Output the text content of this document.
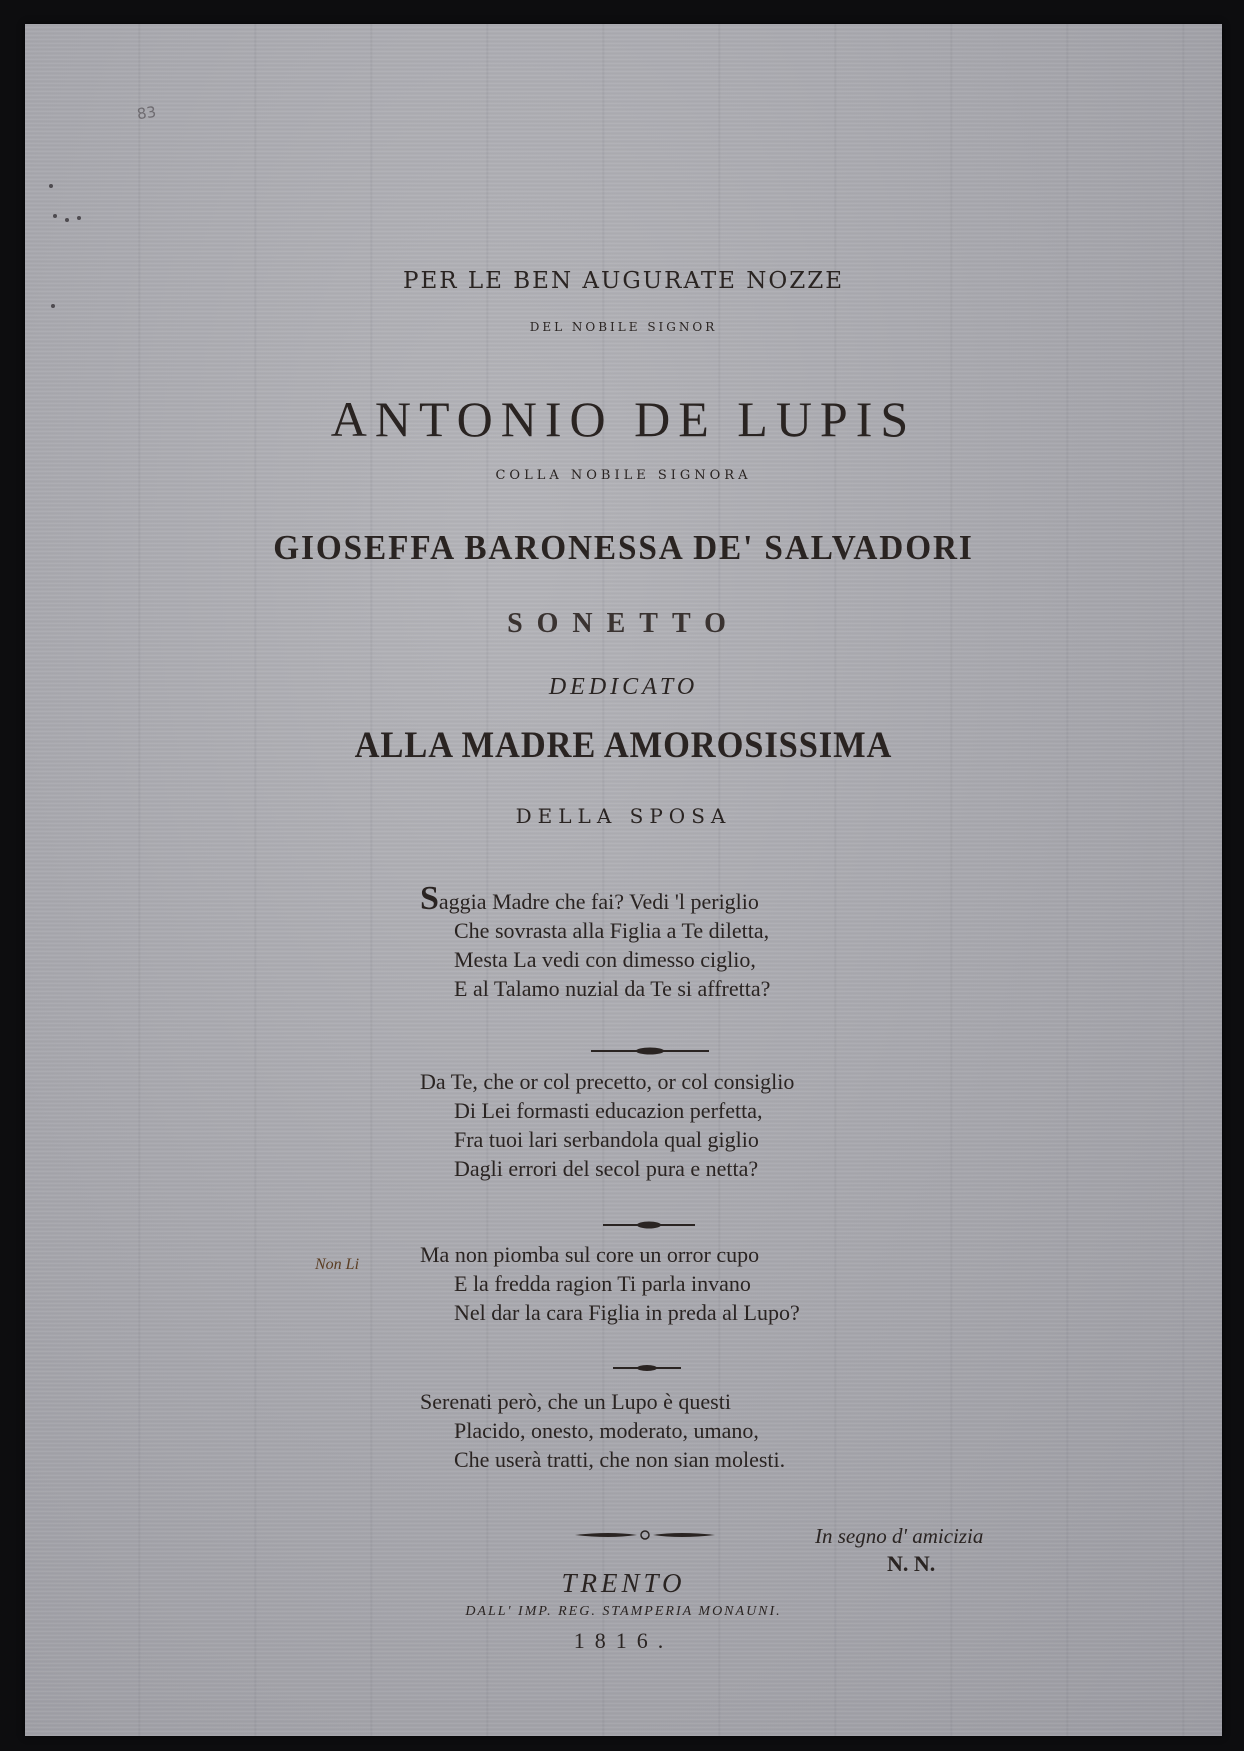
83
PER LE BEN AUGURATE NOZZE
DEL NOBILE SIGNOR
ANTONIO DE LUPIS
COLLA NOBILE SIGNORA
GIOSEFFA BARONESSA DE' SALVADORI
SONETTO
DEDICATO
ALLA MADRE AMOROSISSIMA
DELLA SPOSA
Saggia Madre che fai? Vedi 'l periglio
Che sovrasta alla Figlia a Te diletta,
Mesta La vedi con dimesso ciglio,
E al Talamo nuzial da Te si affretta?
Da Te, che or col precetto, or col consiglio
Di Lei formasti educazion perfetta,
Fra tuoi lari serbandola qual giglio
Dagli errori del secol pura e netta?
Non Li	Ma non piomba sul core un orror cupo
E la fredda ragion Ti parla invano
Nel dar la cara Figlia in preda al Lupo?
Serenati però, che un Lupo è questi
Placido, onesto, moderato, umano,
Che userà tratti, che non sian molesti.
In segno d' amicizia
N. N.
TRENTO
DALL' IMP. REG. STAMPERIA MONAUNI.
1816.
